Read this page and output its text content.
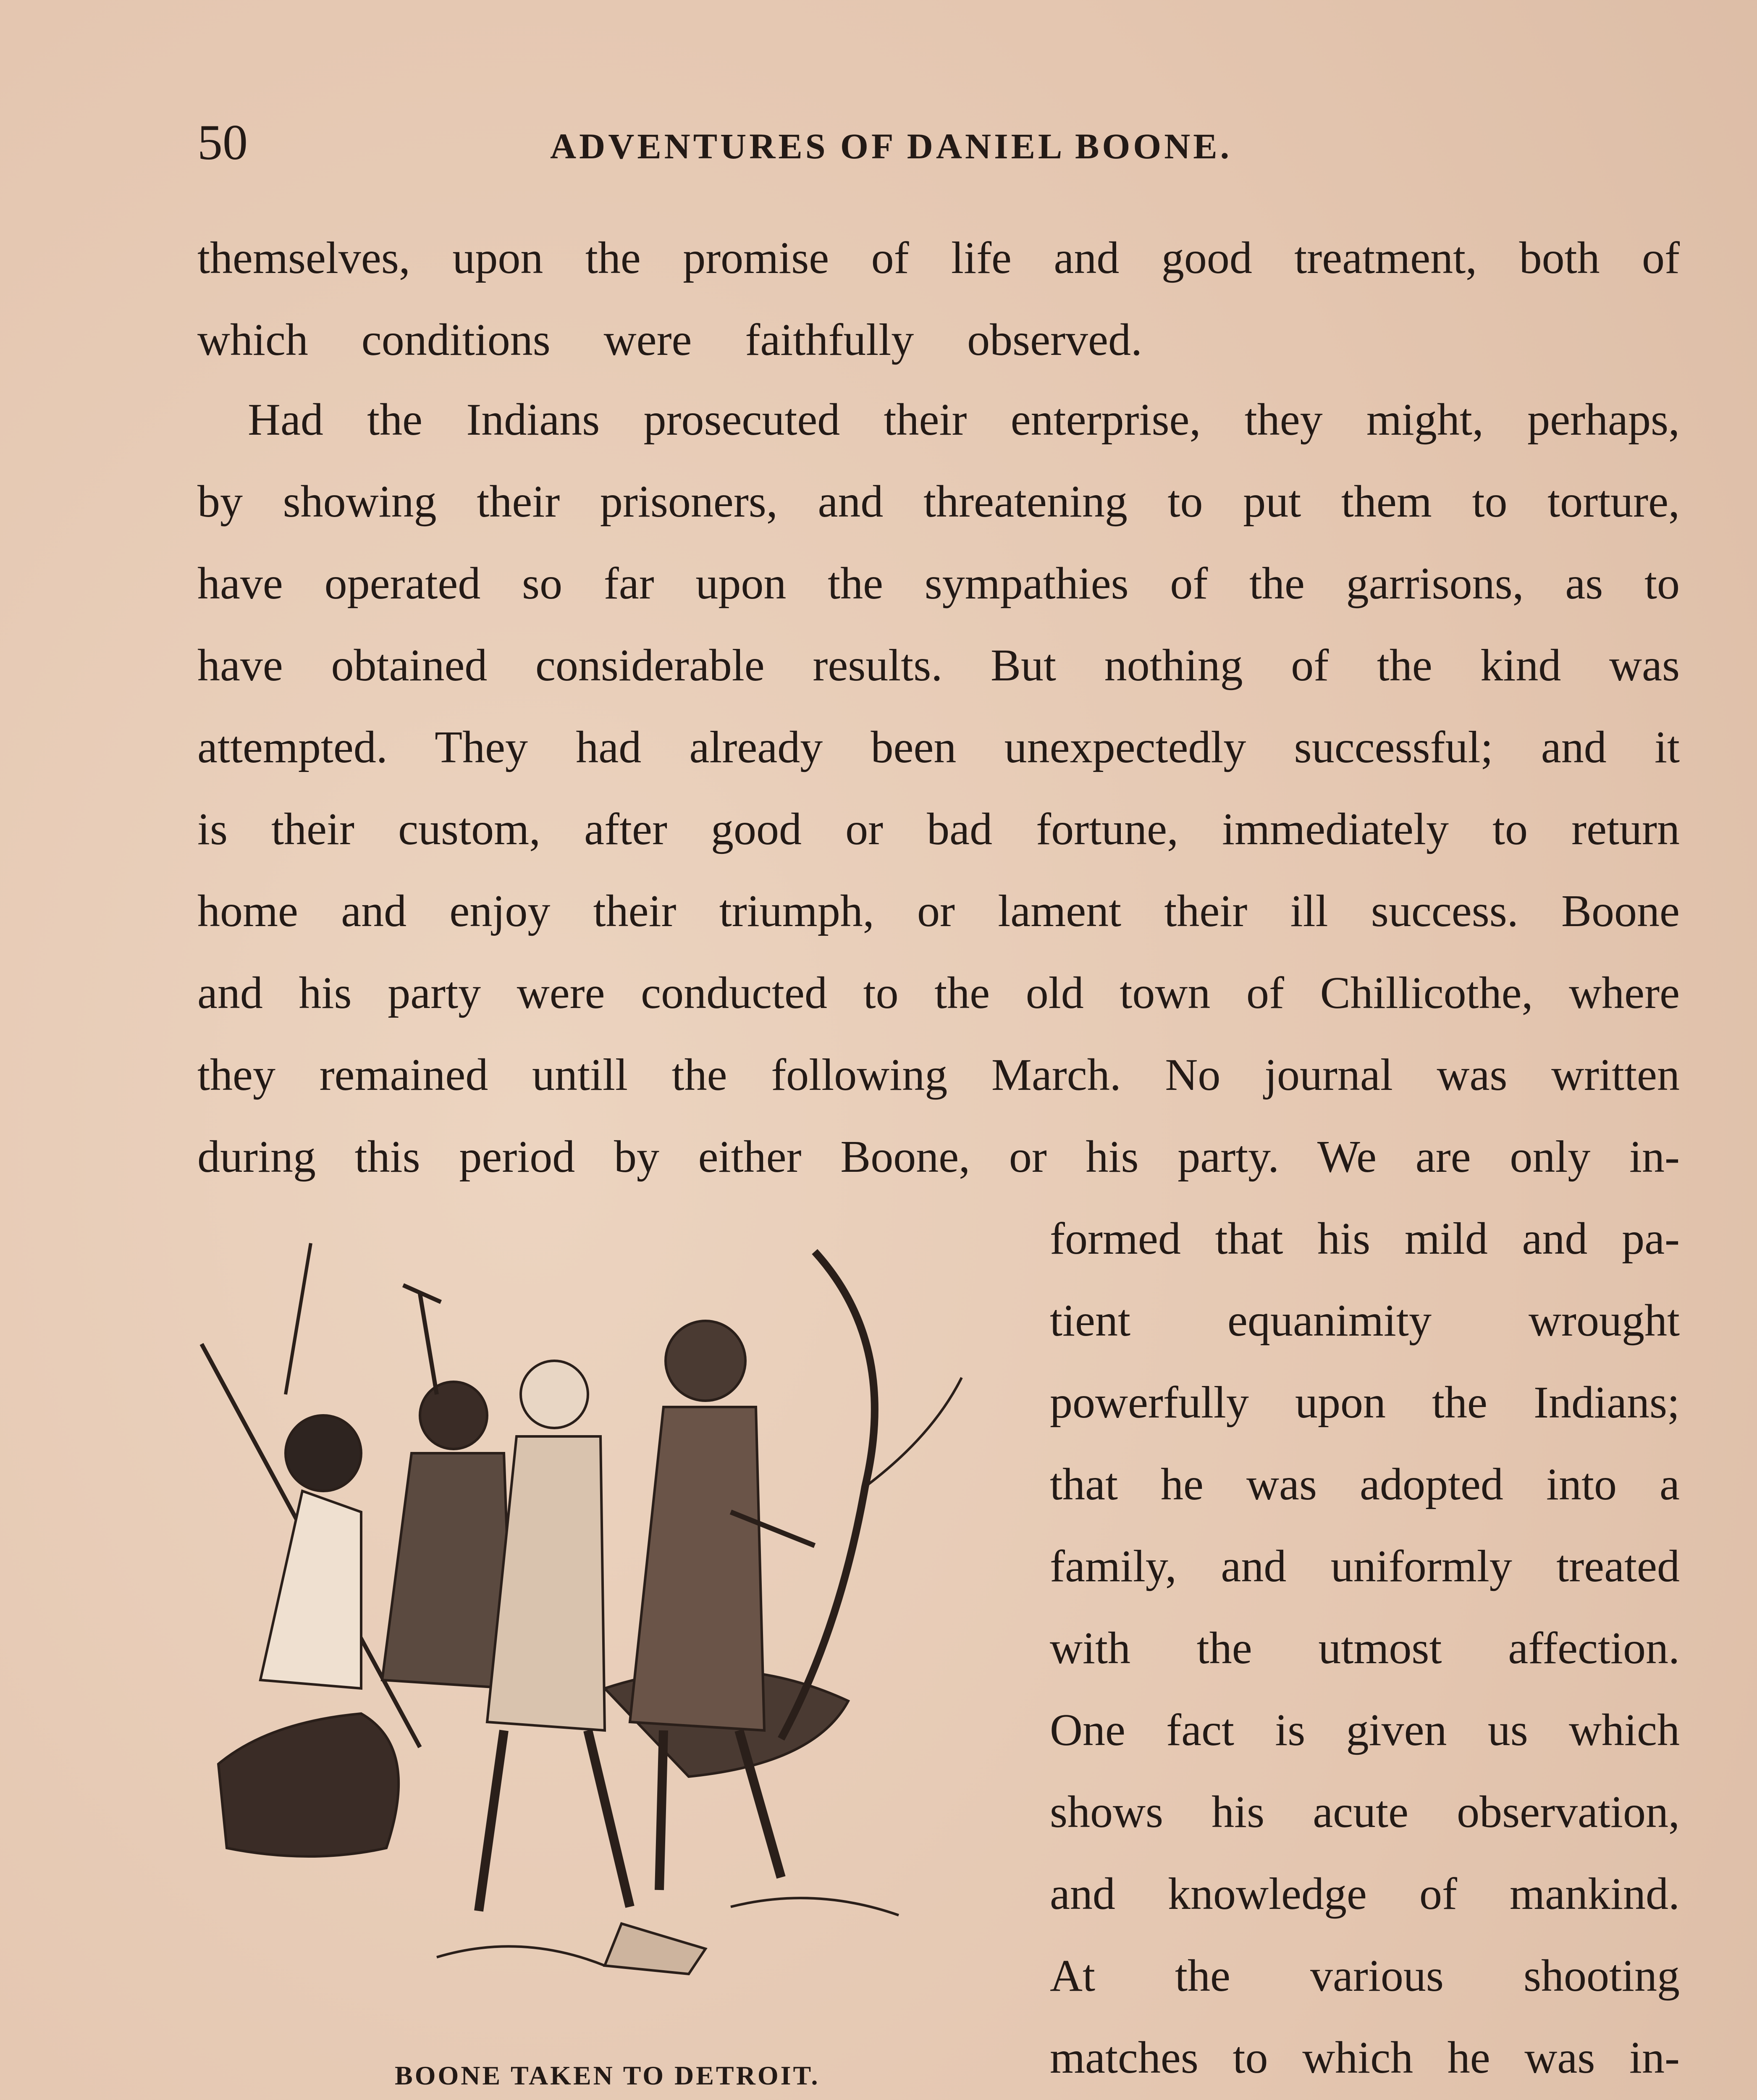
50	ADVENTURES OF DANIEL BOONE.
themselves, upon the promise of life and good treatment, both of
which conditions were faithfully observed.
Had the Indians prosecuted their enterprise, they might, perhaps,
by showing their prisoners, and threatening to put them to torture,
have operated so far upon the sympathies of the garrisons, as to
have obtained considerable results. But nothing of the kind was
attempted. They had already been unexpectedly successful; and it
is their custom, after good or bad fortune, immediately to return
home and enjoy their triumph, or lament their ill success. Boone
and his party were conducted to the old town of Chillicothe, where
they remained untill the following March. No journal was written
during this period by either Boone, or his party. We are only in-
formed that his mild and pa-
tient equanimity wrought
powerfully upon the Indians;
that he was adopted into a
family, and uniformly treated
with the utmost affection.
One fact is given us which
shows his acute observation,
and knowledge of mankind.
At the various shooting
matches to which he was in-
BOONE TAKEN TO DETROIT.
